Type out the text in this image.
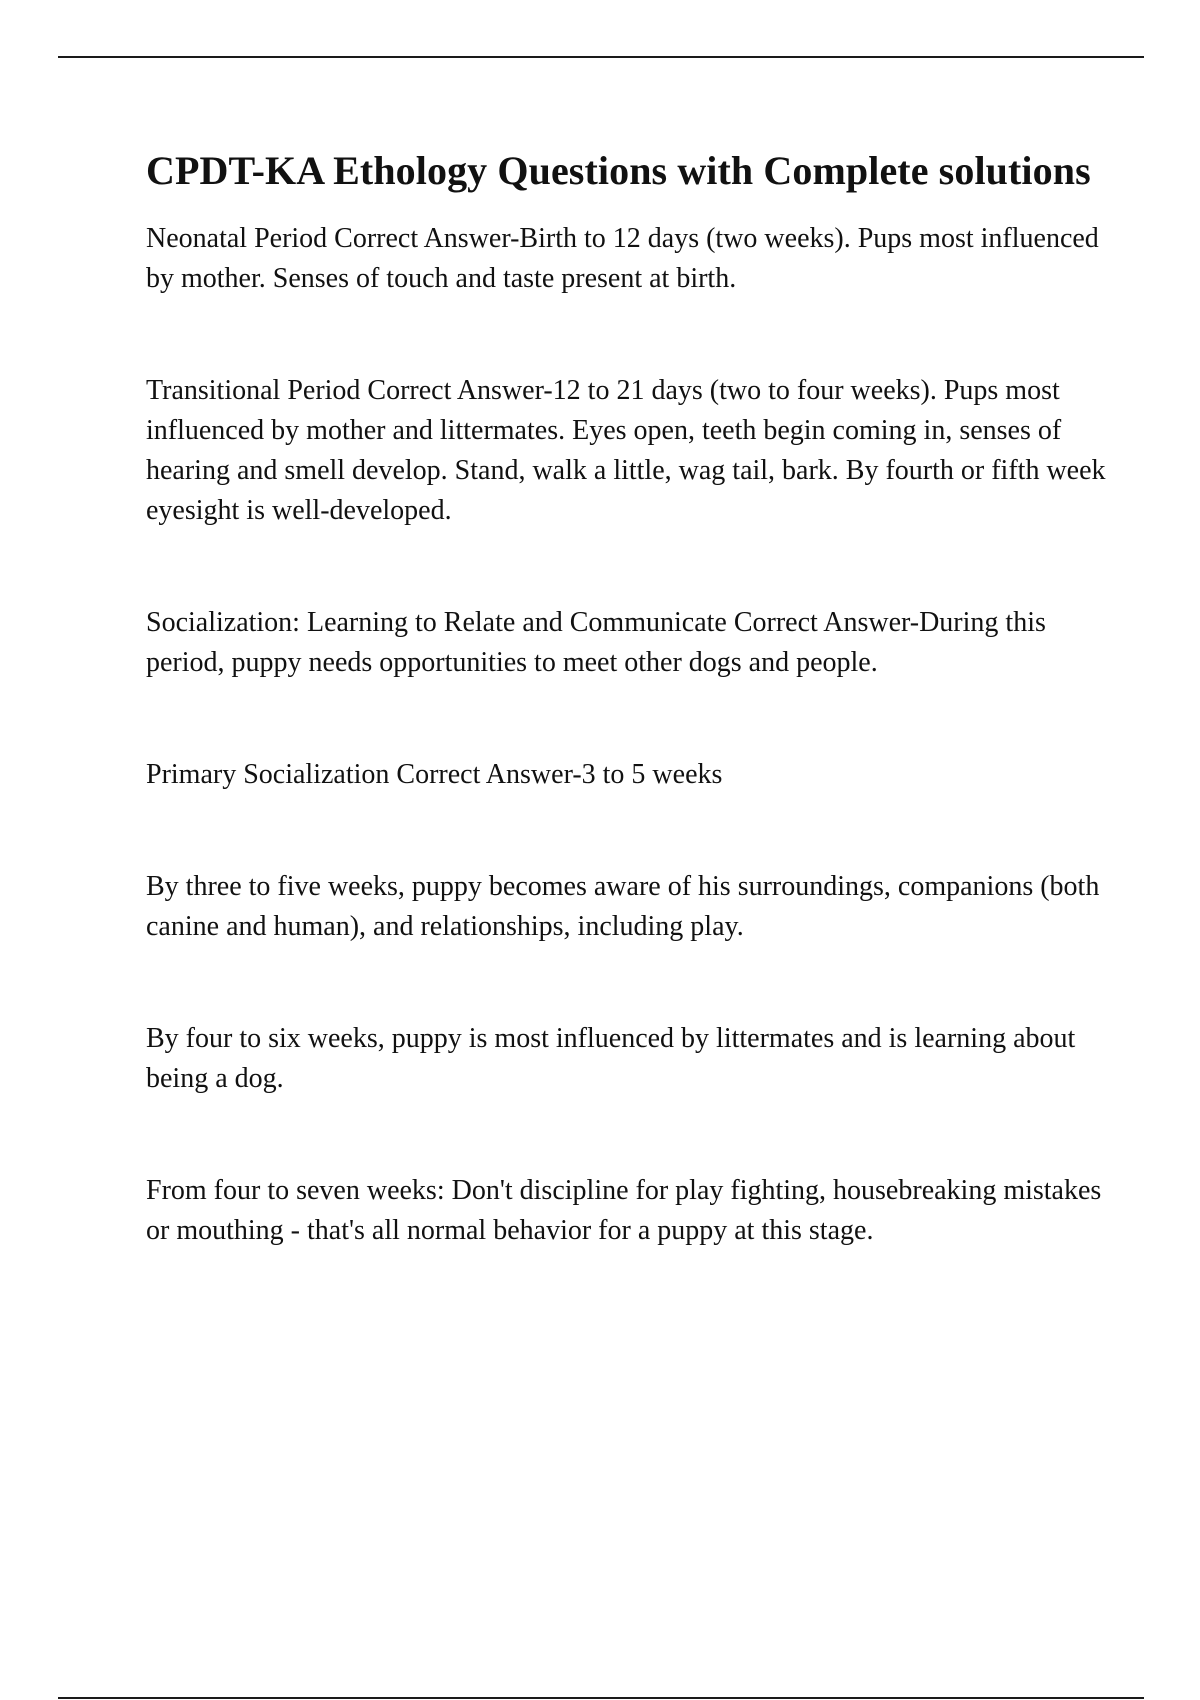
CPDT-KA Ethology Questions with Complete solutions

Neonatal Period Correct Answer-Birth to 12 days (two weeks). Pups most influenced by mother. Senses of touch and taste present at birth.

Transitional Period Correct Answer-12 to 21 days (two to four weeks). Pups most influenced by mother and littermates. Eyes open, teeth begin coming in, senses of hearing and smell develop. Stand, walk a little, wag tail, bark. By fourth or fifth week eyesight is well-developed.

Socialization: Learning to Relate and Communicate Correct Answer-During this period, puppy needs opportunities to meet other dogs and people.

Primary Socialization Correct Answer-3 to 5 weeks

By three to five weeks, puppy becomes aware of his surroundings, companions (both canine and human), and relationships, including play.

By four to six weeks, puppy is most influenced by littermates and is learning about being a dog.

From four to seven weeks: Don't discipline for play fighting, housebreaking mistakes or mouthing - that's all normal behavior for a puppy at this stage.
